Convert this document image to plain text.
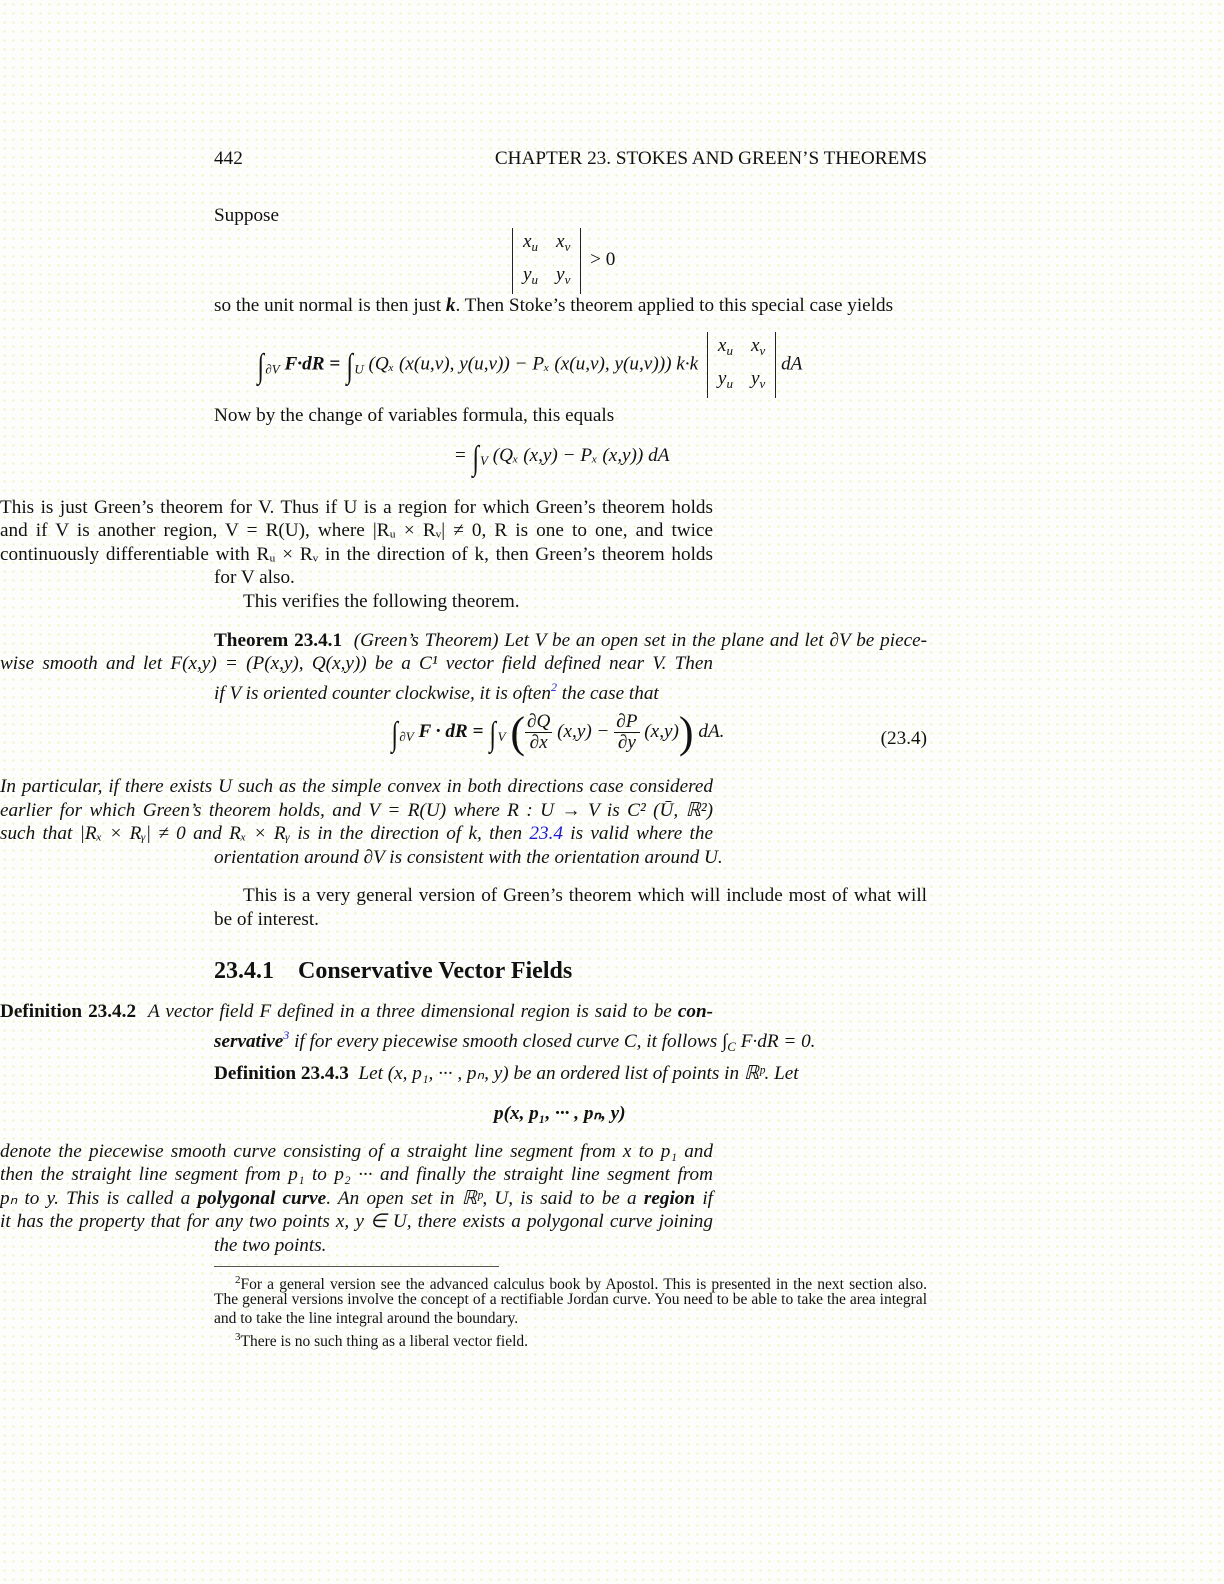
442	CHAPTER 23. STOKES AND GREEN’S THEOREMS
Suppose
$x_u$ $x_v$
$y_u$ $y_v$
> 0
so the unit normal is then just k. Then Stoke’s theorem applied to this special case yields
$\int_{\partial V}$ $F\cdot dR = \int_U$ (Qₓ (x(u,v), y(u,v)) − Pₓ (x(u,v), y(u,v))) k·k
$x_u$ $x_v$
$y_u$ $y_v$
dA
Now by the change of variables formula, this equals
= $\int_V$ (Qₓ (x,y) − Pₓ (x,y)) dA
This is just Green’s theorem for V. Thus if U is a region for which Green’s theorem holds
and if V is another region, V = R(U), where |Rᵤ × Rᵥ| ≠ 0, R is one to one, and twice
continuously differentiable with Rᵤ × Rᵥ in the direction of k, then Green’s theorem holds
for V also.
This verifies the following theorem.
Theorem 23.4.1 (Green’s Theorem) Let V be an open set in the plane and let ∂V be piece-
wise smooth and let F(x,y) = (P(x,y), Q(x,y)) be a C¹ vector field defined near V. Then
if V is oriented counter clockwise, it is often$^2$ the case that
$\int_{\partial V}$ F · dR = $\int_V$ ( $\frac{\partial Q}{\partial x} (x,y) - \frac{\partial P}{\partial y} (x,y)$) dA.	(23.4)
In particular, if there exists U such as the simple convex in both directions case considered
earlier for which Green’s theorem holds, and V = R(U) where R : U → V is C² (Ū, ℝ²)
such that |Rₓ × Rᵧ| ≠ 0 and Rₓ × Rᵧ is in the direction of k, then 23.4 is valid where the
orientation around ∂V is consistent with the orientation around U.
This is a very general version of Green’s theorem which will include most of what will
be of interest.
23.4.1 Conservative Vector Fields
Definition 23.4.2 A vector field F defined in a three dimensional region is said to be con-
servative$^3$ if for every piecewise smooth closed curve C, it follows $\int_C$ F·dR = 0.
Definition 23.4.3 Let (x, p₁, ··· , pₙ, y) be an ordered list of points in ℝᵖ. Let
p(x, p₁, ··· , pₙ, y)
denote the piecewise smooth curve consisting of a straight line segment from x to p₁ and
then the straight line segment from p₁ to p₂ ··· and finally the straight line segment from
pₙ to y. This is called a polygonal curve. An open set in ℝᵖ, U, is said to be a region if
it has the property that for any two points x, y ∈ U, there exists a polygonal curve joining
the two points.
$^2$For a general version see the advanced calculus book by Apostol. This is presented in the next section also.
The general versions involve the concept of a rectifiable Jordan curve. You need to be able to take the area integral
and to take the line integral around the boundary.
$^3$There is no such thing as a liberal vector field.
